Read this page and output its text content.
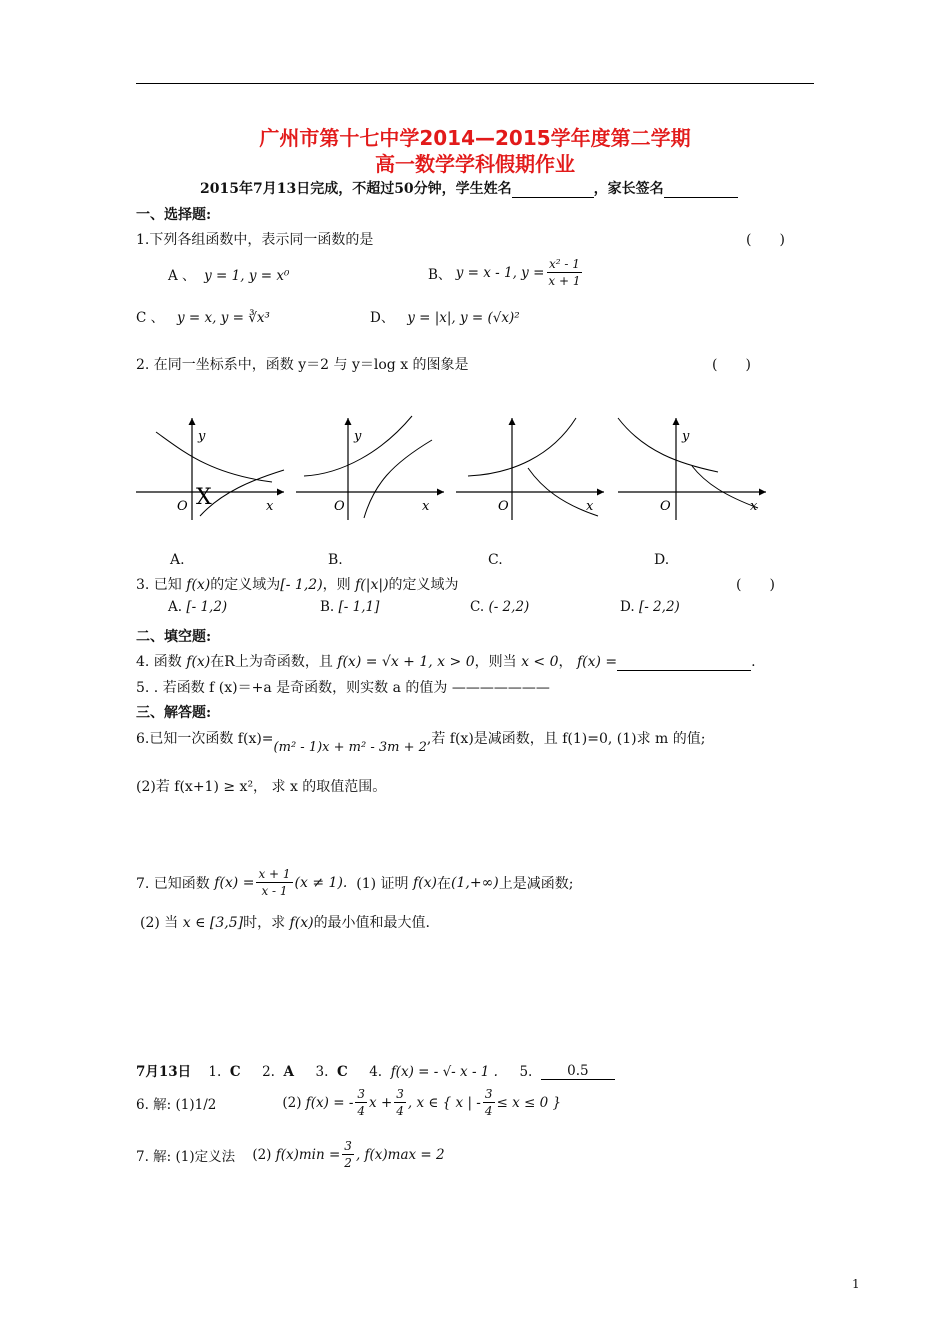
广州市第十七中学2014—2015学年度第二学期
高一数学学科假期作业
2015年7月13日完成，不超过50分钟，学生姓名	，家长签名
一、选择题:
1.下列各组函数中，表示同一函数的是	(　　)
A 、 y = 1, y = x⁰	B、
y = x - 1, $y = \frac{\text{x² - 1}}{x + 1}$
C 、 y = x, y = ∛x³	D、 y = |x|, y = (√x)²
2. 在同一坐标系中，函数 y＝2 与 y＝log x 的图象是	(　　)
y
x
O X
y
x
O	x
O
y
x
O
A.	B.	C.	D.
3. 已知 f(x)的定义域为[- 1,2)，则 f(|x|)的定义域为	(　　)
A. [- 1,2)	B. [- 1,1]	C. (- 2,2)	D. [- 2,2)
二、填空题:
4. 函数 f(x)在R上为奇函数，且 f(x) = √x + 1, x > 0，则当 x < 0， f(x) =	.
5. . 若函数 f (x)＝+a 是奇函数，则实数 a 的值为 ———————
三、解答题:
6.已知一次函数 f(x)=(m² - 1)x + m² - 3m + 2,若 f(x)是减函数，且 f(1)=0, (1)求 m 的值;
(2)若 f(x+1) ≥ x²， 求 x 的取值范围。
7. 已知函数
$f(x) = \frac{x + 1}{x - 1} (x \ne 1)$.
(1) 证明
f(x) 在 (1,+∞) 上是减函数;
(2) 当 x ∈ [3,5]时，求 f(x)的最小值和最大值.
7月13日 1. C 2. A 3. C 4. f(x) = - √- x - 1 . 5.	0.5
6. 解: (1)1/2	(2)
f(x) = - $\frac{3}{4}$ $x + \frac{3}{4}$ , x ∈ { x | - $\frac{3}{4} \le x \le 0$ }
7. 解: (1)定义法
(2)
$f(x)\min = \frac{3}{2}$ , f(x)max = 2
1
